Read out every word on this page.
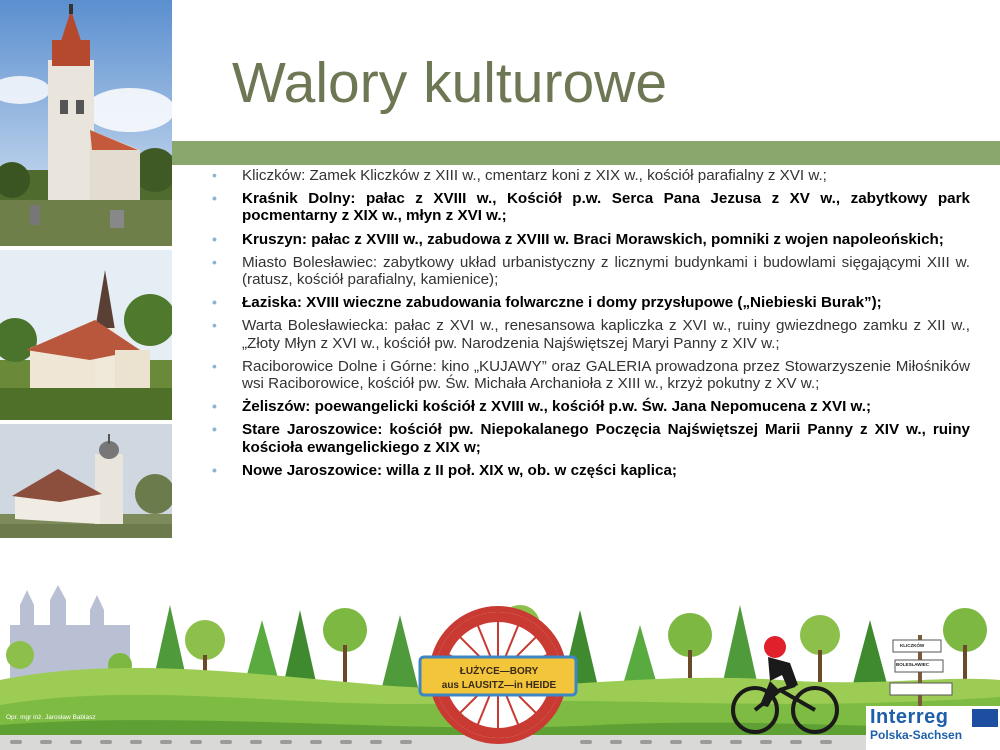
Walory kulturowe
• Kliczków: Zamek Kliczków z XIII w., cmentarz koni z XIX w., kościół parafialny z XVI w.;
• Kraśnik Dolny: pałac z XVIII w., Kościół p.w. Serca Pana Jezusa z XV w., zabytkowy park pocmentarny z XIX w., młyn z XVI w.;
• Kruszyn: pałac z XVIII w., zabudowa z XVIII w. Braci Morawskich, pomniki z wojen napoleońskich;
• Miasto Bolesławiec: zabytkowy układ urbanistyczny z licznymi budynkami i budowlami sięgającymi XIII w. (ratusz, kościół parafialny, kamienice);
• Łaziska: XVIII wieczne zabudowania folwarczne i domy przysłupowe („Niebieski Burak”);
• Warta Bolesławiecka: pałac z XVI w., renesansowa kapliczka z XVI w., ruiny gwiezdnego zamku z XII w., „Złoty Młyn z XVI w., kościół pw. Narodzenia Najświętszej Maryi Panny z XIV w.;
• Raciborowice Dolne i Górne: kino „KUJAWY” oraz GALERIA prowadzona przez Stowarzyszenie Miłośników wsi Raciborowice, kościół pw. Św. Michała Archanioła z XIII w., krzyż pokutny z XV w.;
• Żeliszów: poewangelicki kościół z XVIII w., kościół p.w. Św. Jana Nepomucena z XVI w.;
• Stare Jaroszowice: kościół pw. Niepokalanego Poczęcia Najświętszej Marii Panny z XIV w., ruiny kościoła ewangelickiego z XIX w;
• Nowe Jaroszowice: willa z II poł. XIX w, ob. w części kaplica;
Opr. mgr inż. Jarosław Bablasz
ŁUŻYCE—BORY
aus LAUSITZ—in HEIDE
KLICZKÓW
BOLESŁAWIEC
Interreg
Polska-Sachsen
